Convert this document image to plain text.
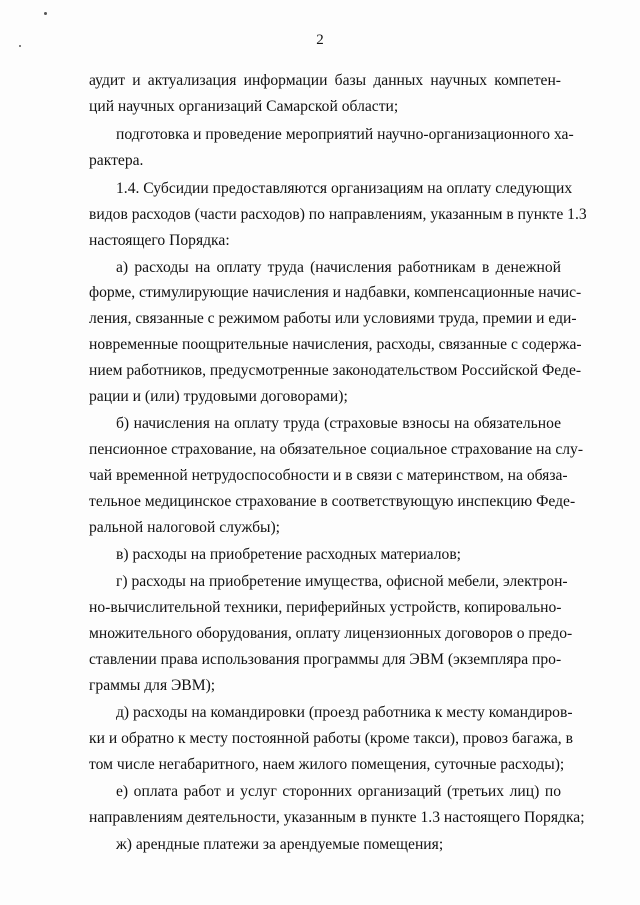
2
аудит и актуализация информации базы данных научных компетен-
ций научных организаций Самарской области;
подготовка и проведение мероприятий научно-организационного ха-
рактера.
1.4. Субсидии предоставляются организациям на оплату следующих
видов расходов (части расходов) по направлениям, указанным в пункте 1.3
настоящего Порядка:
а) расходы на оплату труда (начисления работникам в денежной
форме, стимулирующие начисления и надбавки, компенсационные начис-
ления, связанные с режимом работы или условиями труда, премии и еди-
новременные поощрительные начисления, расходы, связанные с содержа-
нием работников, предусмотренные законодательством Российской Феде-
рации и (или) трудовыми договорами);
б) начисления на оплату труда (страховые взносы на обязательное
пенсионное страхование, на обязательное социальное страхование на слу-
чай временной нетрудоспособности и в связи с материнством, на обяза-
тельное медицинское страхование в соответствующую инспекцию Феде-
ральной налоговой службы);
в) расходы на приобретение расходных материалов;
г) расходы на приобретение имущества, офисной мебели, электрон-
но-вычислительной техники, периферийных устройств, копировально-
множительного оборудования, оплату лицензионных договоров о предо-
ставлении права использования программы для ЭВМ (экземпляра про-
граммы для ЭВМ);
д) расходы на командировки (проезд работника к месту командиров-
ки и обратно к месту постоянной работы (кроме такси), провоз багажа, в
том числе негабаритного, наем жилого помещения, суточные расходы);
е) оплата работ и услуг сторонних организаций (третьих лиц) по
направлениям деятельности, указанным в пункте 1.3 настоящего Порядка;
ж) арендные платежи за арендуемые помещения;
